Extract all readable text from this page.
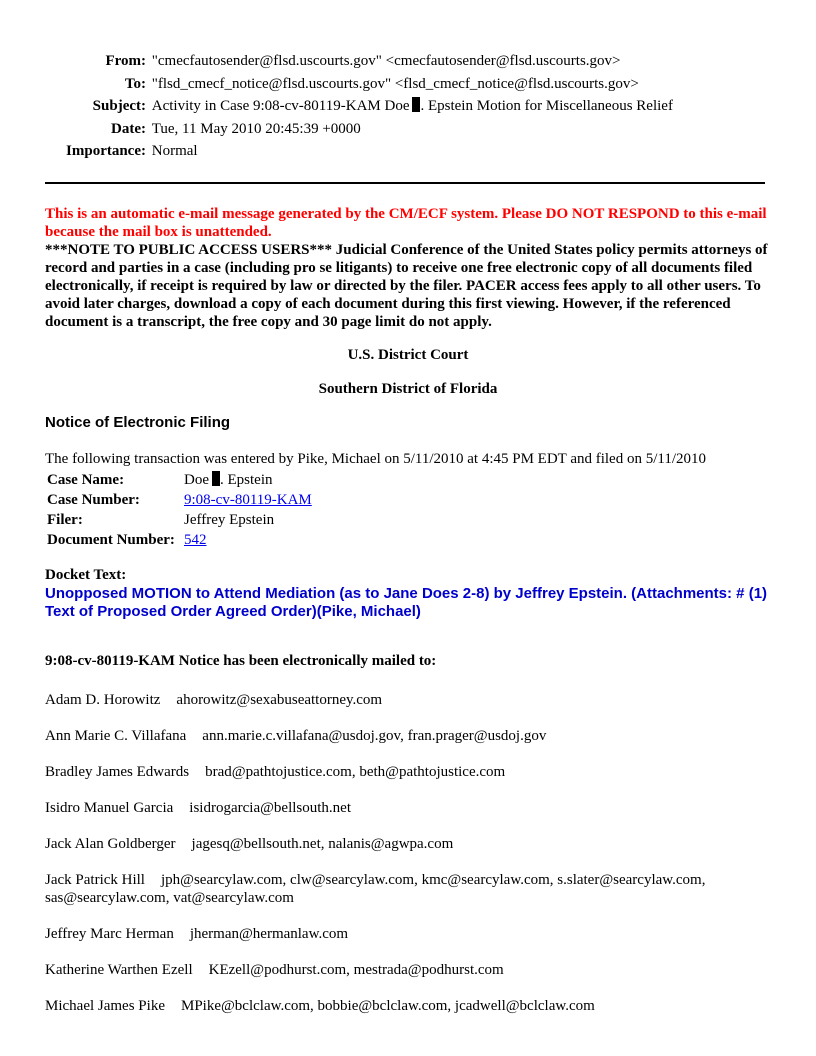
From: "cmecfautosender@flsd.uscourts.gov" <cmecfautosender@flsd.uscourts.gov>
To: "flsd_cmecf_notice@flsd.uscourts.gov" <flsd_cmecf_notice@flsd.uscourts.gov>
Subject: Activity in Case 9:08-cv-80119-KAM Doe . Epstein Motion for Miscellaneous Relief
Date: Tue, 11 May 2010 20:45:39 +0000
Importance: Normal
This is an automatic e-mail message generated by the CM/ECF system. Please DO NOT RESPOND to this e-mail because the mail box is unattended.
***NOTE TO PUBLIC ACCESS USERS*** Judicial Conference of the United States policy permits attorneys of record and parties in a case (including pro se litigants) to receive one free electronic copy of all documents filed electronically, if receipt is required by law or directed by the filer. PACER access fees apply to all other users. To avoid later charges, download a copy of each document during this first viewing. However, if the referenced document is a transcript, the free copy and 30 page limit do not apply.
U.S. District Court
Southern District of Florida
Notice of Electronic Filing
The following transaction was entered by Pike, Michael on 5/11/2010 at 4:45 PM EDT and filed on 5/11/2010
Case Name:	Doe . Epstein
Case Number:	9:08-cv-80119-KAM
Filer:	Jeffrey Epstein
Document Number:	542
Docket Text:
Unopposed MOTION to Attend Mediation (as to Jane Does 2-8) by Jeffrey Epstein. (Attachments: # (1) Text of Proposed Order Agreed Order)(Pike, Michael)
9:08-cv-80119-KAM Notice has been electronically mailed to:
Adam D. Horowitz ahorowitz@sexabuseattorney.com
Ann Marie C. Villafana ann.marie.c.villafana@usdoj.gov, fran.prager@usdoj.gov
Bradley James Edwards brad@pathtojustice.com, beth@pathtojustice.com
Isidro Manuel Garcia isidrogarcia@bellsouth.net
Jack Alan Goldberger jagesq@bellsouth.net, nalanis@agwpa.com
Jack Patrick Hill jph@searcylaw.com, clw@searcylaw.com, kmc@searcylaw.com, s.slater@searcylaw.com, sas@searcylaw.com, vat@searcylaw.com
Jeffrey Marc Herman jherman@hermanlaw.com
Katherine Warthen Ezell KEzell@podhurst.com, mestrada@podhurst.com
Michael James Pike MPike@bclclaw.com, bobbie@bclclaw.com, jcadwell@bclclaw.com
